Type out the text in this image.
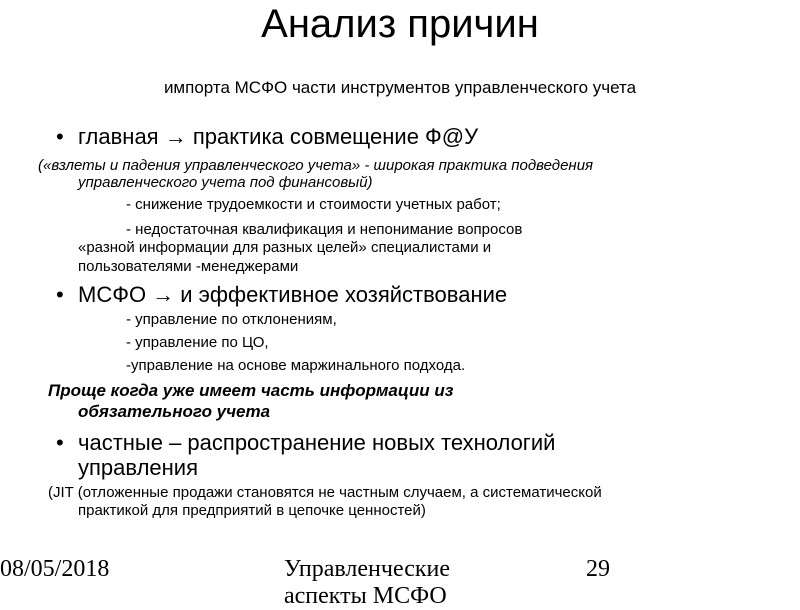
Анализ причин
импорта МСФО части инструментов управленческого учета
• главная → практика совмещение Ф@У
(«взлеты и падения управленческого учета» - широкая практика подведения
управленческого учета под финансовый)
- снижение трудоемкости и стоимости учетных работ;
- недостаточная квалификация и непонимание вопросов
«разной информации для разных целей» специалистами и
пользователями -менеджерами
• МСФО → и эффективное хозяйствование
- управление по отклонениям,
- управление по ЦО,
-управление на основе маржинального подхода.
Проще когда уже имеет часть информации из
обязательного учета
• частные – распространение новых технологий
управления
(JIT (отложенные продажи становятся не частным случаем, а систематической
практикой для предприятий в цепочке ценностей)
08/05/2018	Управленческие
аспекты МСФО
29
